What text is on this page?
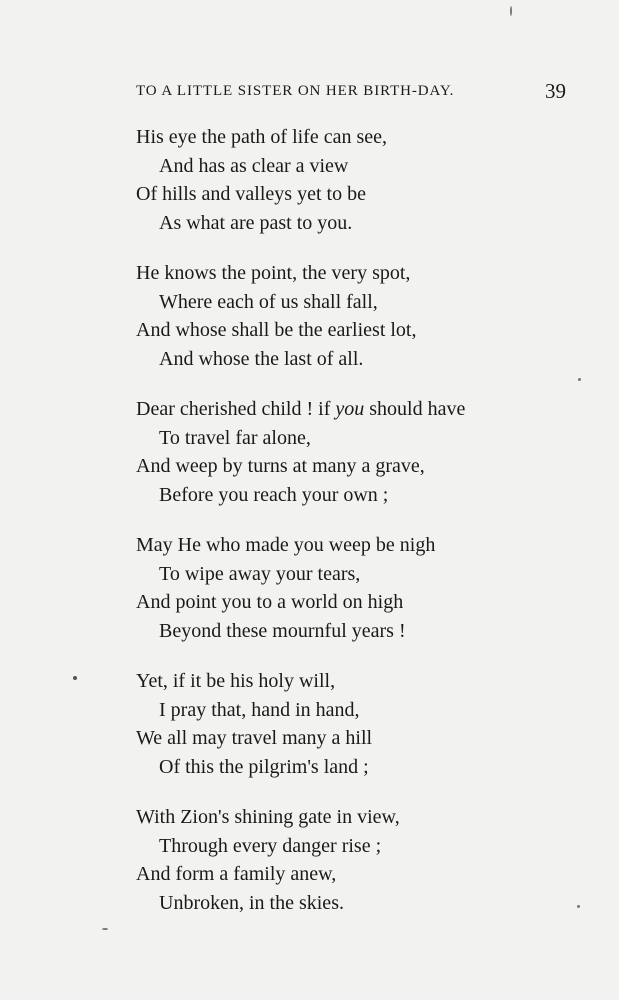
TO A LITTLE SISTER ON HER BIRTH-DAY.	39
His eye the path of life can see,
And has as clear a view
Of hills and valleys yet to be
As what are past to you.
He knows the point, the very spot,
Where each of us shall fall,
And whose shall be the earliest lot,
And whose the last of all.
Dear cherished child ! if you should have
To travel far alone,
And weep by turns at many a grave,
Before you reach your own ;
May He who made you weep be nigh
To wipe away your tears,
And point you to a world on high
Beyond these mournful years !
Yet, if it be his holy will,
I pray that, hand in hand,
We all may travel many a hill
Of this the pilgrim's land ;
With Zion's shining gate in view,
Through every danger rise ;
And form a family anew,
Unbroken, in the skies.
